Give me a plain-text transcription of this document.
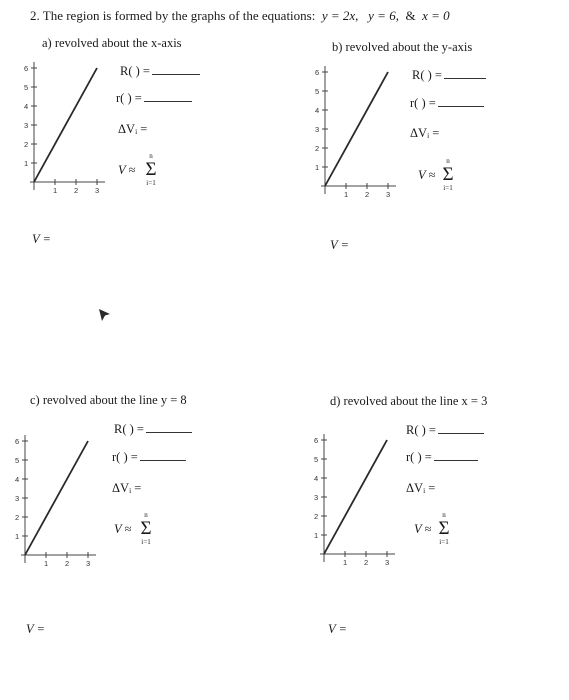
2. The region is formed by the graphs of the equations: y = 2x, y = 6, & x = 0
a) revolved about the x-axis
1
2
3
4
5
6
1 2 3
R( ) =
r( ) =
ΔVᵢ =
V ≈
n
Σ
i=1
V =
b) revolved about the y-axis
1
2
3
4
5
6
1 2 3
R( ) =
r( ) =
ΔVᵢ =
V ≈
n
Σ
i=1
V =
c) revolved about the line y = 8
1
2
3
4
5
6
1 2 3
R( ) =
r( ) =
ΔVᵢ =
V ≈
n
Σ
i=1
V =
d) revolved about the line x = 3
1
2
3
4
5
6
1 2 3
R( ) =
r( ) =
ΔVᵢ =
V ≈
n
Σ
i=1
V =
